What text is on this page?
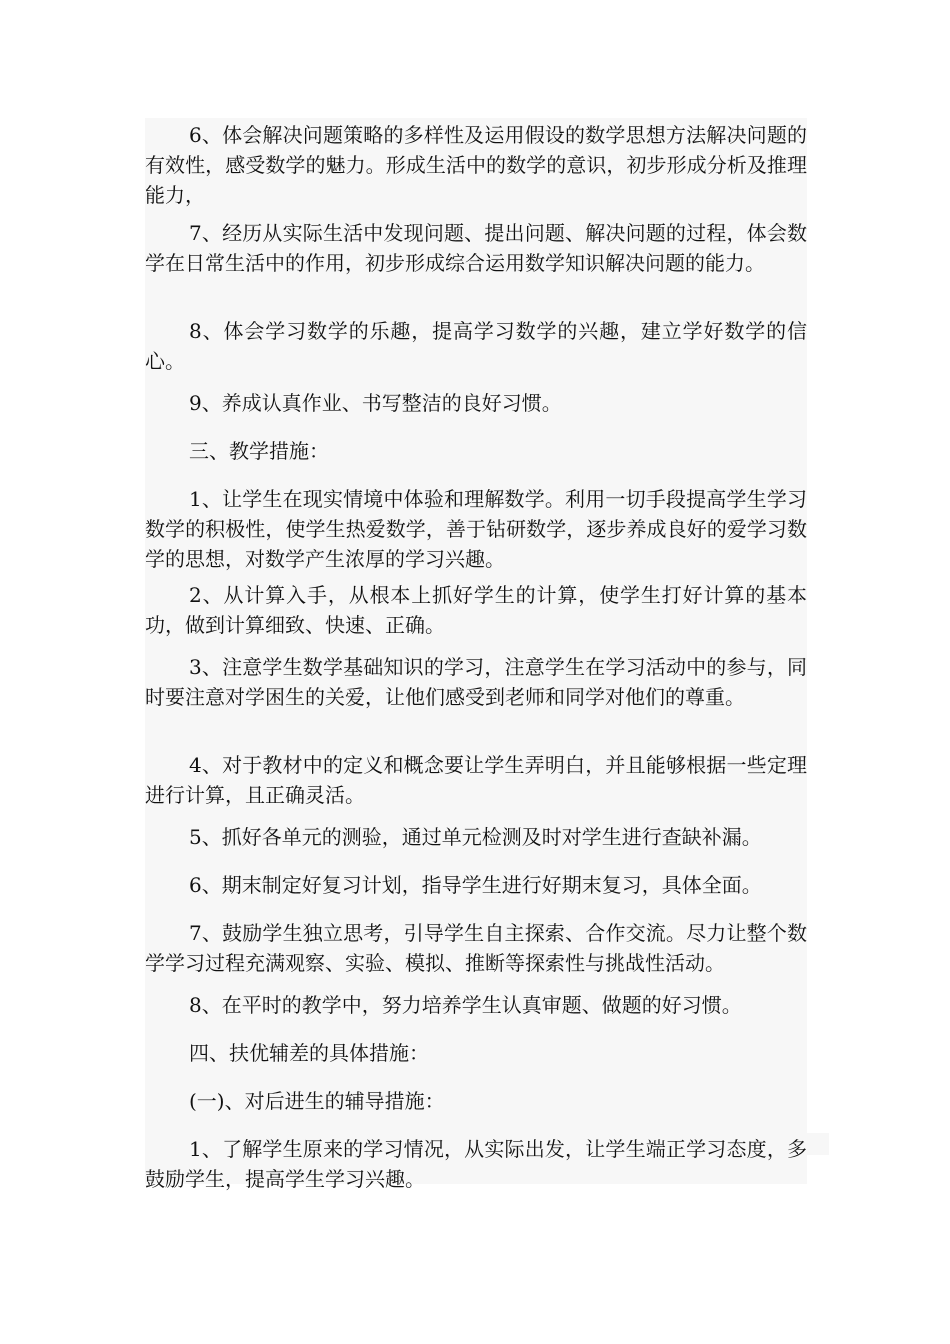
6、体会解决问题策略的多样性及运用假设的数学思想方法解决问题的有效性，感受数学的魅力。形成生活中的数学的意识，初步形成分析及推理能力，

7、经历从实际生活中发现问题、提出问题、解决问题的过程，体会数学在日常生活中的作用，初步形成综合运用数学知识解决问题的能力。

8、体会学习数学的乐趣，提高学习数学的兴趣，建立学好数学的信心。

9、养成认真作业、书写整洁的良好习惯。

三、教学措施：

1、让学生在现实情境中体验和理解数学。利用一切手段提高学生学习数学的积极性，使学生热爱数学，善于钻研数学，逐步养成良好的爱学习数学的思想，对数学产生浓厚的学习兴趣。

2、从计算入手，从根本上抓好学生的计算，使学生打好计算的基本功，做到计算细致、快速、正确。

3、注意学生数学基础知识的学习，注意学生在学习活动中的参与，同时要注意对学困生的关爱，让他们感受到老师和同学对他们的尊重。

4、对于教材中的定义和概念要让学生弄明白，并且能够根据一些定理进行计算，且正确灵活。

5、抓好各单元的测验，通过单元检测及时对学生进行查缺补漏。

6、期末制定好复习计划，指导学生进行好期末复习，具体全面。

7、鼓励学生独立思考，引导学生自主探索、合作交流。尽力让整个数学学习过程充满观察、实验、模拟、推断等探索性与挑战性活动。

8、在平时的教学中，努力培养学生认真审题、做题的好习惯。

四、扶优辅差的具体措施：

(一)、对后进生的辅导措施：

1、了解学生原来的学习情况，从实际出发，让学生端正学习态度，多鼓励学生，提高学生学习兴趣。
